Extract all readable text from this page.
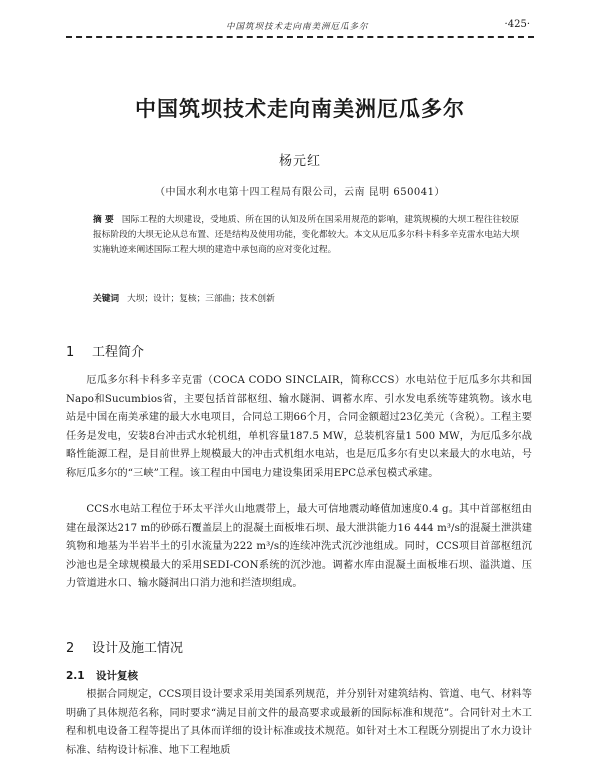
中国筑坝技术走向南美洲厄瓜多尔	·425·
中国筑坝技术走向南美洲厄瓜多尔
杨元红
（中国水利水电第十四工程局有限公司，云南 昆明 650041）
摘 要 国际工程的大坝建设，受地质、所在国的认知及所在国采用规范的影响，建筑规模的大坝工程往往较原报标阶段的大坝无论从总布置、还是结构及使用功能，变化都较大。本文从厄瓜多尔科卡科多辛克雷水电站大坝实施轨迹来阐述国际工程大坝的建造中承包商的应对变化过程。
关键词 大坝；设计；复核；三部曲；技术创新
1 工程简介
厄瓜多尔科卡科多辛克雷（COCA CODO SINCLAIR，简称CCS）水电站位于厄瓜多尔共和国Napo和Sucumbios省，主要包括首部枢纽、输水隧洞、调蓄水库、引水发电系统等建筑物。该水电站是中国在南美承建的最大水电项目，合同总工期66个月，合同金额超过23亿美元（含税）。工程主要任务是发电，安装8台冲击式水轮机组，单机容量187.5 MW，总装机容量1 500 MW，为厄瓜多尔战略性能源工程，是目前世界上规模最大的冲击式机组水电站，也是厄瓜多尔有史以来最大的水电站，号称厄瓜多尔的“三峡”工程。该工程由中国电力建设集团采用EPC总承包模式承建。
CCS水电站工程位于环太平洋火山地震带上，最大可信地震动峰值加速度0.4 g。其中首部枢纽由建在最深达217 m的砂砾石覆盖层上的混凝土面板堆石坝、最大泄洪能力16 444 m³/s的混凝土泄洪建筑物和地基为半岩半土的引水流量为222 m³/s的连续冲洗式沉沙池组成。同时，CCS项目首部枢纽沉沙池也是全球规模最大的采用SEDI-CON系统的沉沙池。调蓄水库由混凝土面板堆石坝、溢洪道、压力管道进水口、输水隧洞出口消力池和拦渣坝组成。
2 设计及施工情况
2.1 设计复核
根据合同规定，CCS项目设计要求采用美国系列规范，并分别针对建筑结构、管道、电气、材料等明确了具体规范名称，同时要求“满足目前文件的最高要求或最新的国际标准和规范”。合同针对土木工程和机电设备工程等提出了具体而详细的设计标准或技术规范。如针对土木工程既分别提出了水力设计标准、结构设计标准、地下工程地质
